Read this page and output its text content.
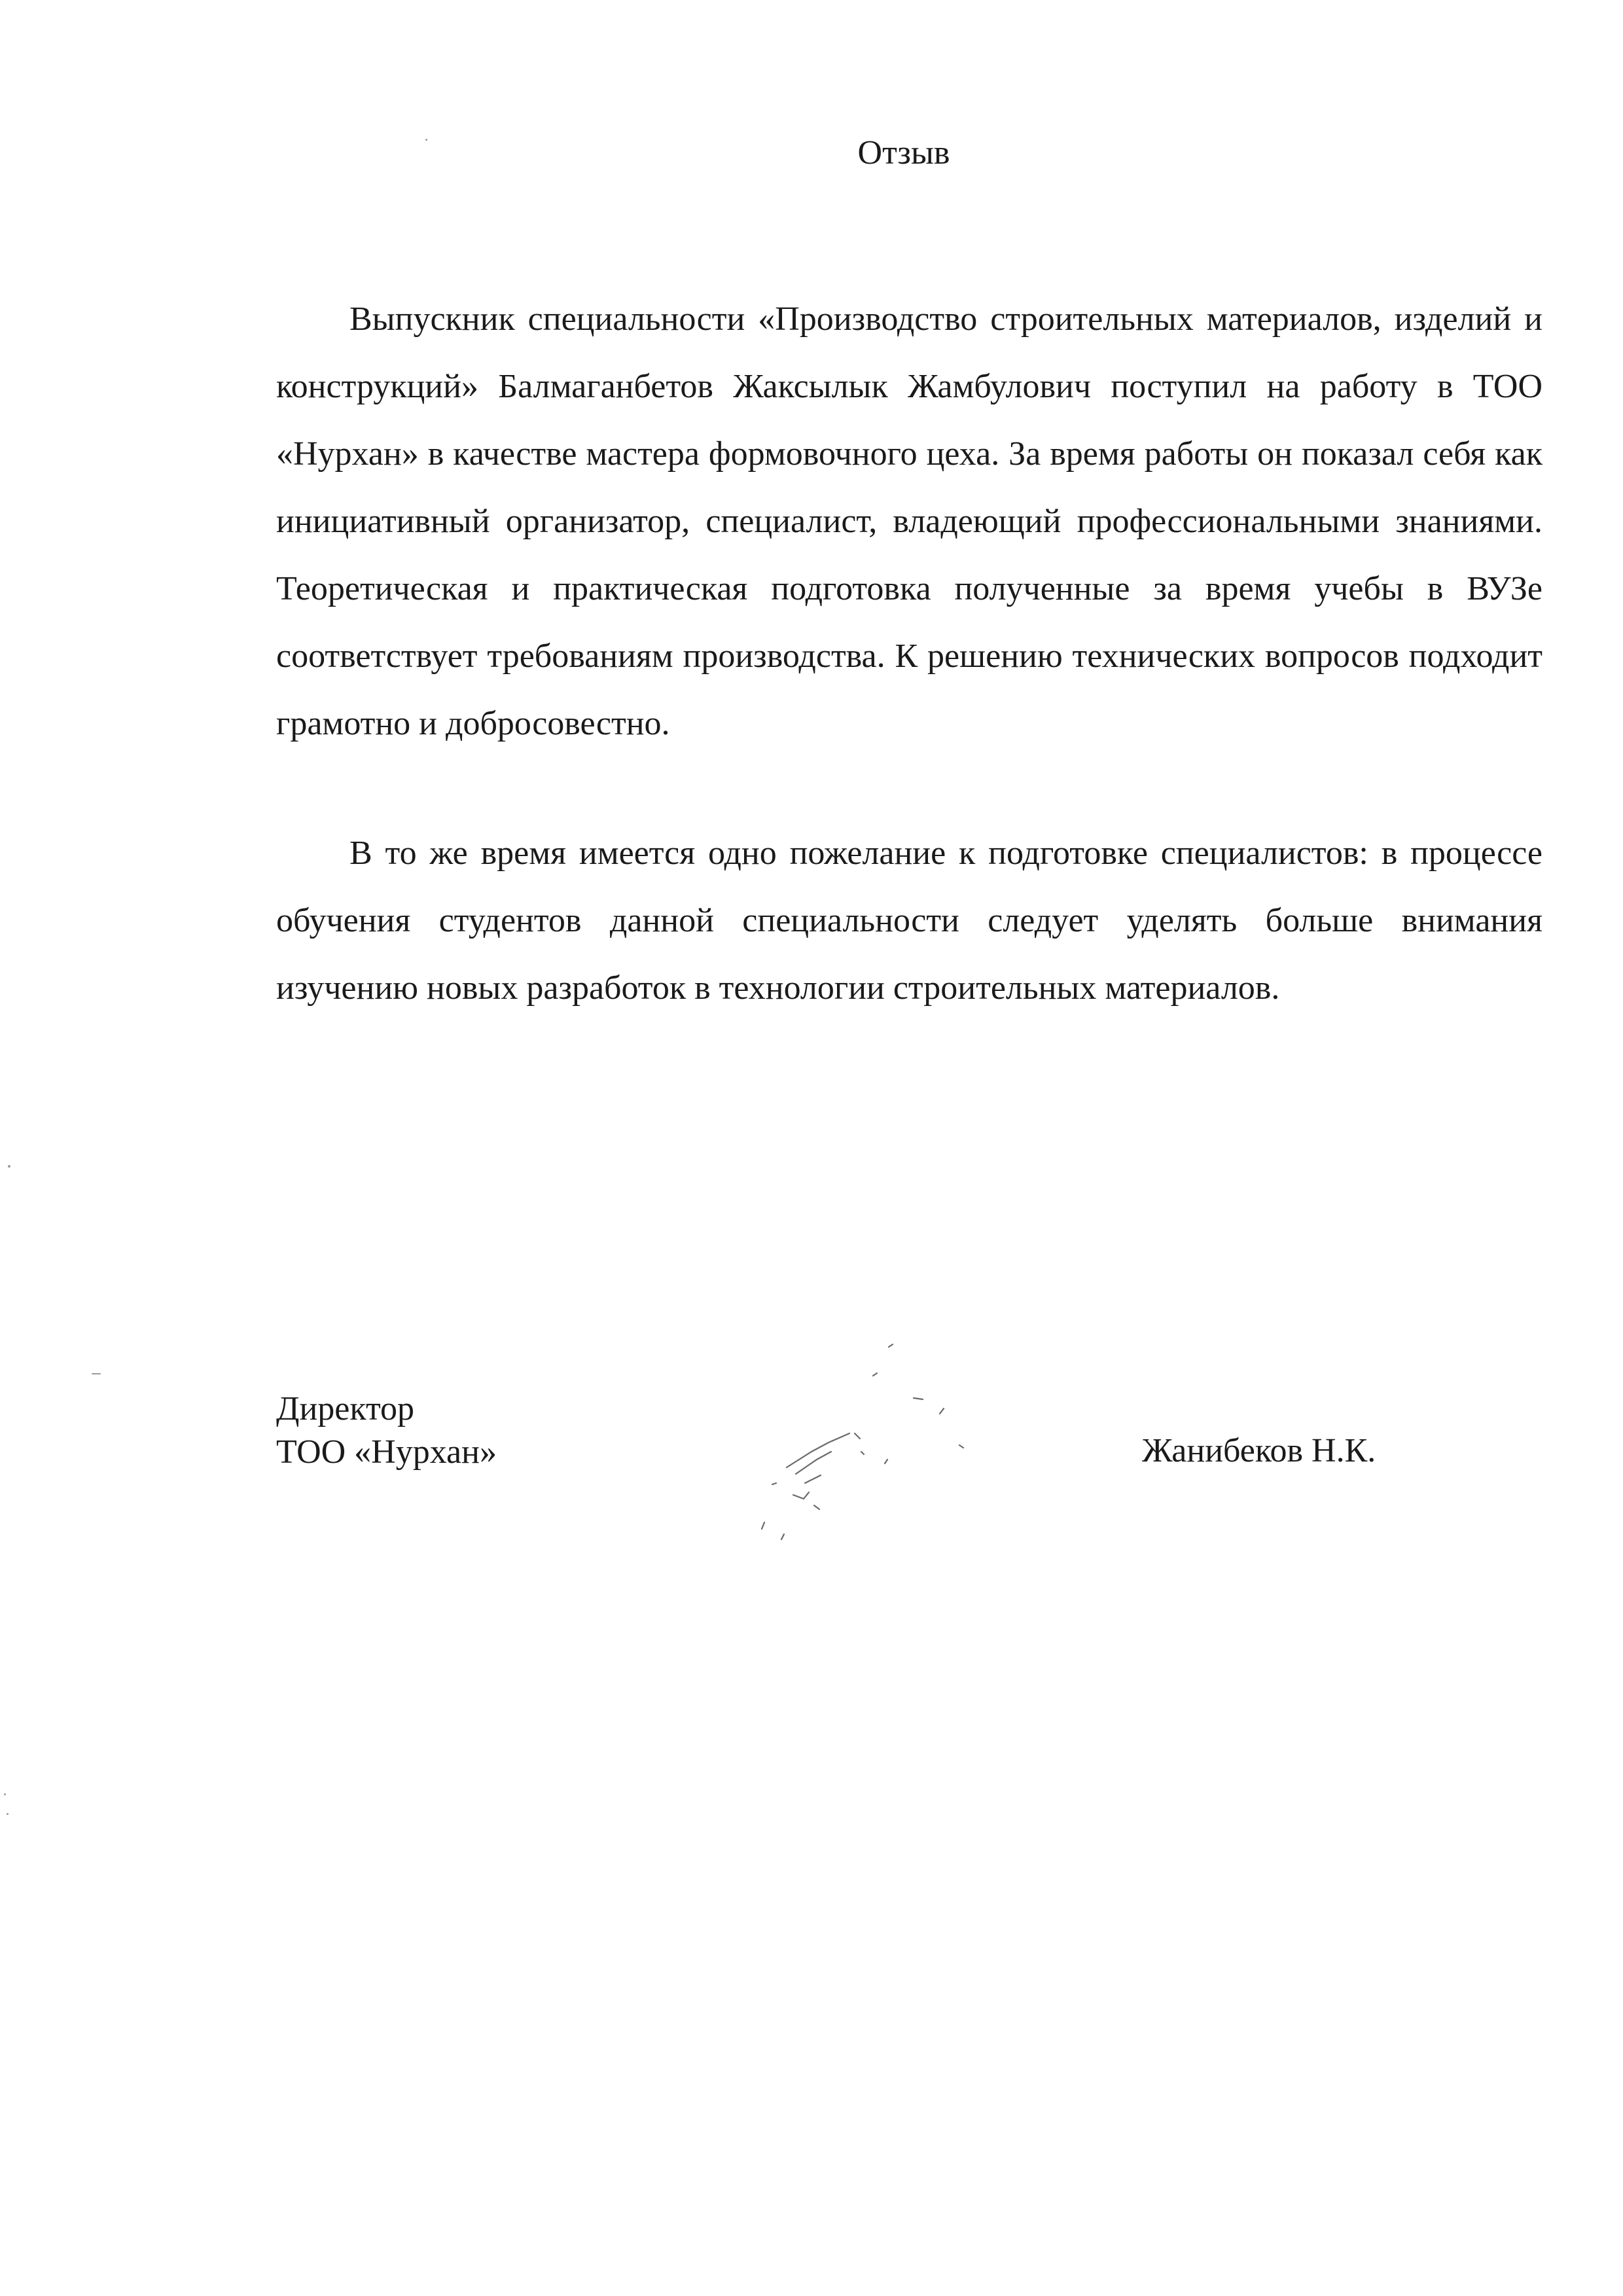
Отзыв

Выпускник специальности «Производство строительных материалов, изделий и конструкций» Балмаганбетов Жаксылык Жамбулович поступил на работу в ТОО «Нурхан» в качестве мастера формовочного цеха. За время работы он показал себя как инициативный организатор, специалист, владеющий профессиональными знаниями. Теоретическая и практическая подготовка полученные за время учебы в ВУЗе соответствует требованиям производства. К решению технических вопросов подходит грамотно и добросовестно.

В то же время имеется одно пожелание к подготовке специалистов: в процессе обучения студентов данной специальности следует уделять больше внимания изучению новых разработок в технологии строительных материалов.

Директор
ТОО «Нурхан»	Жанибеков Н.К.
